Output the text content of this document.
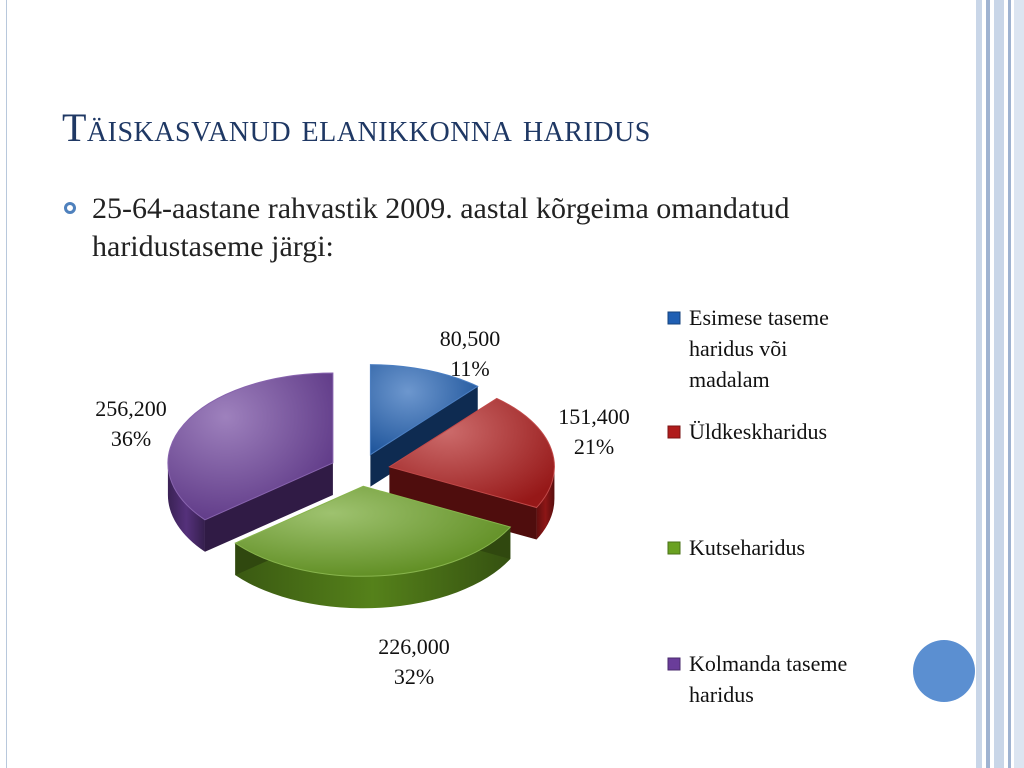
Täiskasvanud elanikkonna haridus
25-64-aastane rahvastik 2009. aastal kõrgeima omandatud haridustaseme järgi:
80,500
11%
151,400
21%
226,000
32%
256,200
36%
Esimese taseme
haridus või
madalam
Üldkeskharidus
Kutseharidus
Kolmanda taseme
haridus
